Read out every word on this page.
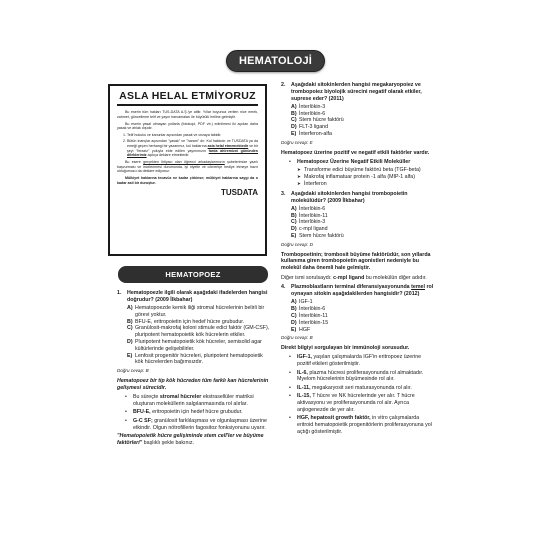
HEMATOLOJİ
ASLA HELAL ETMİYORUZ

Bu eserin tüm hakları TUS-DATA A.Ş.'ye aittir. Yıllar boyunca verilen nice emek, zahmet, güncelleme telif ve yayın harcamaları ile büyütülü helline gelmiştir.

Bu eserin yasal olmayan yollarla (fotokopi, PDF vb.) edinilmesi iki açıdan daha yasak ve ahlak dışıdır.

1. Telif hukuku ve kanunlar açısından yasak ve cezaya tabidir.
2. Bütün inançlar açısından "yasak" ve "haram" dır. Kul hakkıdır ve TUSDATA ya da emeği geçen herhangi bir yazarımız, kul haklarına asla helal etmemektedir ve bir şeyi "feraziz" yoluyla elde edilen yayınımızın farda ahiremizni gününden dileklerimiz açıkça deklare etmektedir.

Bu esere gerçekten ihtiyacı olan öğrenci arkadaşlarımızın şubelerimize yazılı başvurması ve incelenmesi durumunda, iyi niyetle ve cömertçe hediye etmeye hazır olduğumuzu da deklare ediyoruz.

Mülkiyet haklarına tecavüz ne kadar çirkinse; mülkiyet haklarına saygı da o kadar asil bir duruştur.

TUSDATA
HEMATOPOEZ
1.	Hematopoezle ilgili olarak aşağıdaki ifadelerden hangisi doğrudur? (2009 İlkbahar)
A) Hematopoezde kemik iliği stromal hücrelerinin belirli bir görevi yoktur.
B) BFU-E, eritropoietin için hedef hücre grubudur.
C) Granülosit-makrofaj koloni stimule edici faktör (GM-CSF), pluripotent hematopoietik kök hücrelerin etkiler.
D) Pluripotent hematopoietik kök hücreler, semisolid agar kültürlerinde gelişebilirler.
E) Lenfosit progenitör hücreleri, pluripotent hematopoietik kök hücrelerden bağımsızdır.
Doğru cevap: B
Hematopoez bir tip kök hücreden tüm farklı kan hücrelerinin gelişmesi sürecidir.
•	Bu süreçte stromal hücreler ekstrasellüler matriksi oluşturan moleküllerin salgılanmasında rol alırlar.
•	BFU-E, eritropoietin için hedef hücre grubudur.
•	G-C SF; granülosit farklılaşması ve olgunlaşması üzerine etkindir. Olgun nötrofillerin fagositoz fonksiyonunu uyarır.
"Hematopoietik hücre gelişiminde stem cell'ler ve büyüme faktörleri" başlıklı şekle bakınız.
2.	Aşağıdaki sitokinlerden hangisi megakaryopoiez ve trombopoiez biyolojik sürecini negatif olarak etkiler, suprese eder? (2011)
A) İnterlökin-3
B) İnterlökin-6
C) Stem hücre faktörü
D) FLT-3 ligand
E) İnterferon-alfa
Doğru cevap: E
Hematopoez üzerine pozitif ve negatif etkili faktörler vardır.
•	Hematopoez Üzerine Negatif Etkili Moleküller
➤ Transforme edici büyüme faktörü beta (TGF-beta)
➤ Makrofaj inflamatuar protein -1 alfa (MIP-1 alfa)
➤ İnterferon
3.	Aşağıdaki sitokinlerden hangisi trombopoietin molekülüdür? (2009 İlkbahar)
A) İnterlökin-6
B) İnterlökin-11
C) İnterlökin-3
D) c-mpl ligand
E) Stem hücre faktörü
Doğru cevap: D
Trombopoetinin; trombosit büyüme faktörüdür, son yıllarda kullanıma giren trombopoietin agonistleri nedeniyle bu molekül daha önemli hale gelmiştir.
Diğer ismi sorulsaydı: c-mpl ligand bu molekülün diğer adıdır.
4.	Plazmoblastların terminal diferansiyasyonunda temel rol oynayan sitokin aşağıdakilerden hangisidir? (2012)
A) IGF-1
B) İnterlökin-6
C) İnterlökin-11
D) İnterlökin-15
E) HGF
Doğru cevap: B
Direkt bilgiyi sorgulayan bir immünoloji sorusudur.
•	IGF-1, yaşılan çalışmalarda IGF'in eritropoez üzerine pozitif etkileri gösterilmiştir.
•	IL-6, plazma hücresi proliferasyonunda rol almaktadır. Myelom hücrelerinin büyümesinde rol alır.
•	IL-11, megakaryosit seri maturasyonunda rol alır.
•	IL-15, T hücre ve NK hücrelerinde yer alır. T hücre aktivasyonu ve proliferasyonunda rol alır. Ayrıca anjiogenezde de yer alır.
•	HGF, hepatosit growth faktör, in vitro çalışmalarda eritroid hematopoietik progenitörlerin proliferasyonuna yol açtığı gösterilmiştir.
